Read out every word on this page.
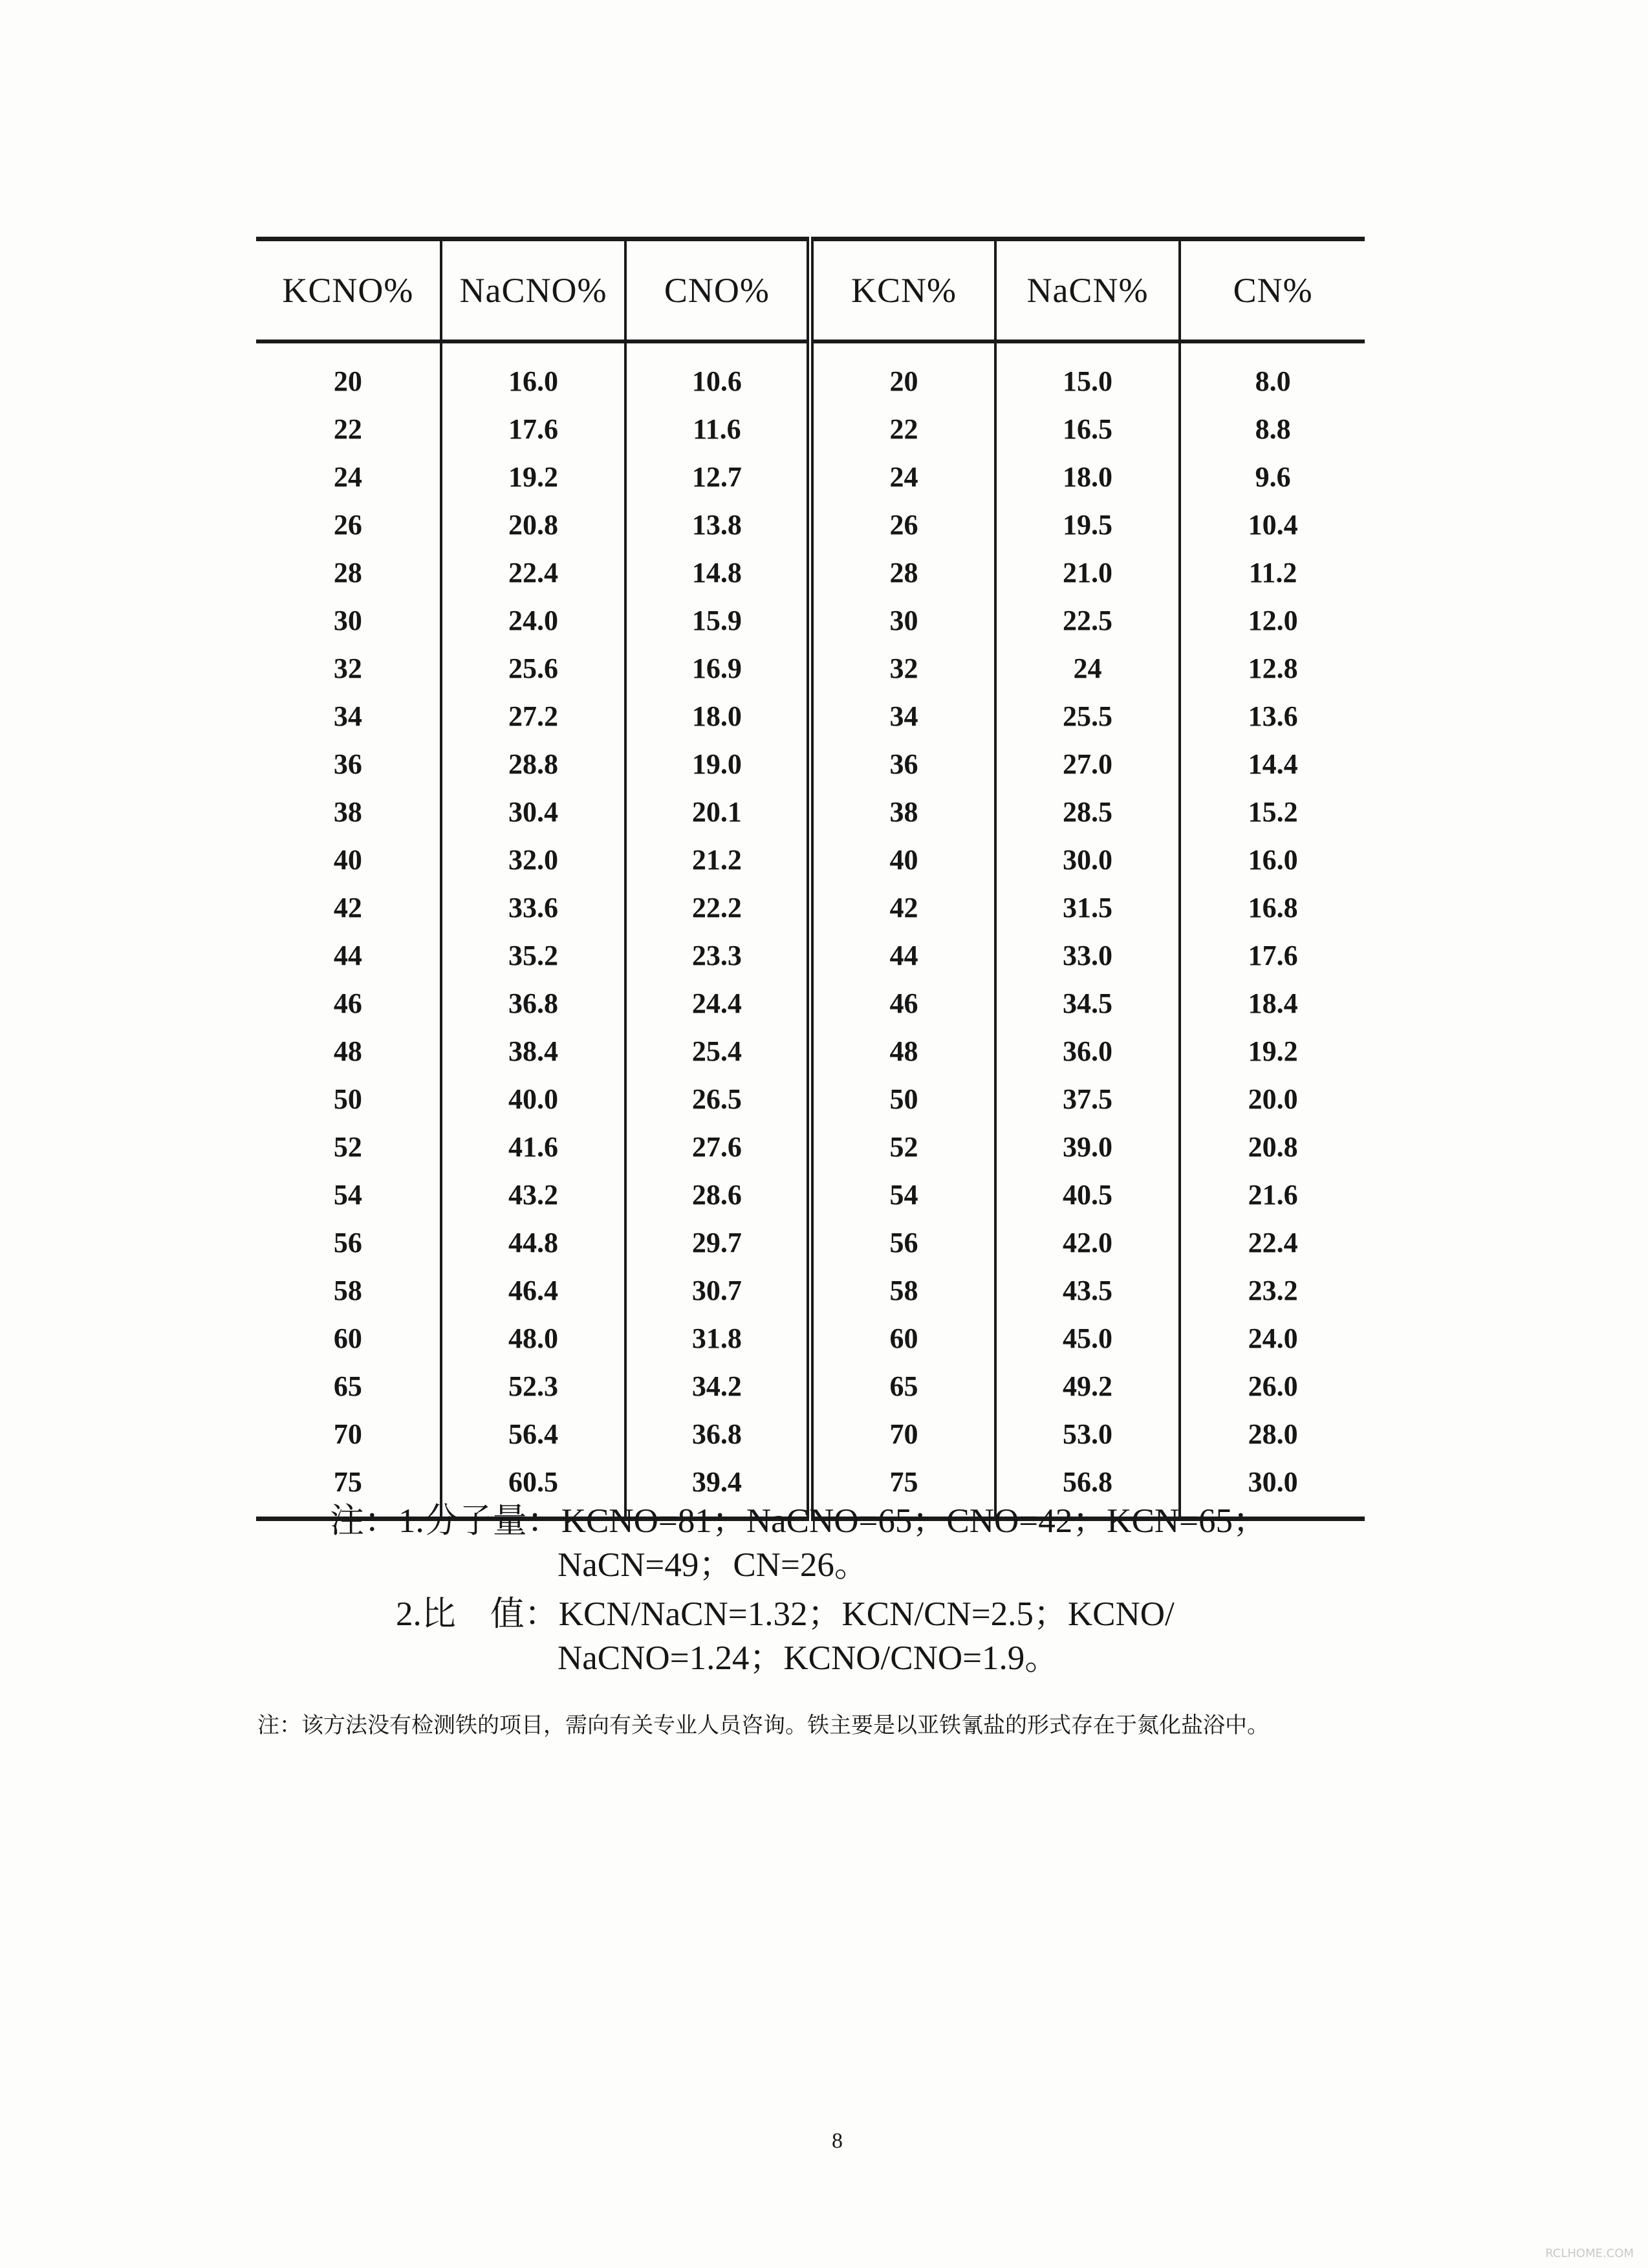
KCNO%	NaCNO%	CNO%	KCN%	NaCN%	CN%
20	16.0	10.6	20	15.0	8.0
22	17.6	11.6	22	16.5	8.8
24	19.2	12.7	24	18.0	9.6
26	20.8	13.8	26	19.5	10.4
28	22.4	14.8	28	21.0	11.2
30	24.0	15.9	30	22.5	12.0
32	25.6	16.9	32	24	12.8
34	27.2	18.0	34	25.5	13.6
36	28.8	19.0	36	27.0	14.4
38	30.4	20.1	38	28.5	15.2
40	32.0	21.2	40	30.0	16.0
42	33.6	22.2	42	31.5	16.8
44	35.2	23.3	44	33.0	17.6
46	36.8	24.4	46	34.5	18.4
48	38.4	25.4	48	36.0	19.2
50	40.0	26.5	50	37.5	20.0
52	41.6	27.6	52	39.0	20.8
54	43.2	28.6	54	40.5	21.6
56	44.8	29.7	56	42.0	22.4
58	46.4	30.7	58	43.5	23.2
60	48.0	31.8	60	45.0	24.0
65	52.3	34.2	65	49.2	26.0
70	56.4	36.8	70	53.0	28.0
75	60.5	39.4	75	56.8	30.0
注：1.分子量：KCNO=81；NaCNO=65；CNO=42；KCN=65；
NaCN=49；CN=26。
2.比　值：KCN/NaCN=1.32；KCN/CN=2.5；KCNO/
NaCNO=1.24；KCNO/CNO=1.9。
注：该方法没有检测铁的项目，需向有关专业人员咨询。铁主要是以亚铁氰盐的形式存在于氮化盐浴中。
8
RCLHOME.COM
